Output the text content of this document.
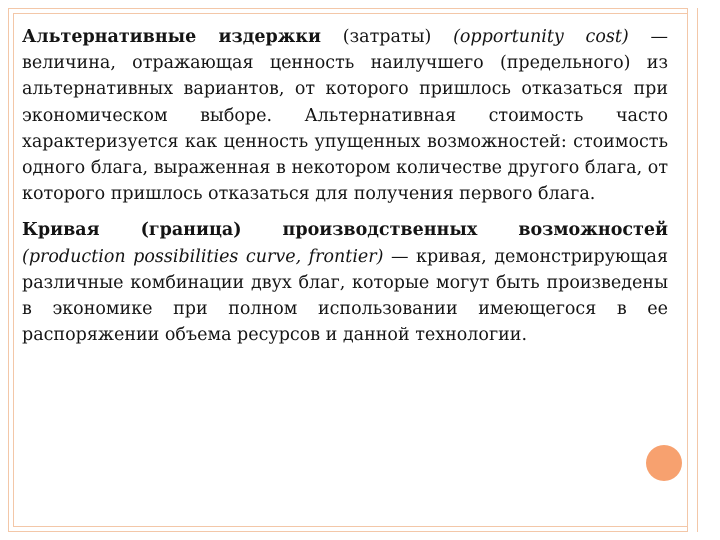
Альтернативные издержки (затраты) (opportunity cost) — величина, отражающая ценность наилучшего (предельного) из альтернативных вариантов, от которого пришлось отказаться при экономическом выборе. Альтернативная стоимость часто характеризуется как ценность упущенных возможностей: стоимость одного блага, выраженная в некотором количестве другого блага, от которого пришлось отказаться для получения первого блага.

Кривая (граница) производственных возможностей (production possibilities curve, frontier) — кривая, демонстрирующая различные комбинации двух благ, которые могут быть произведены в экономике при полном использовании имеющегося в ее распоряжении объема ресурсов и данной технологии.
